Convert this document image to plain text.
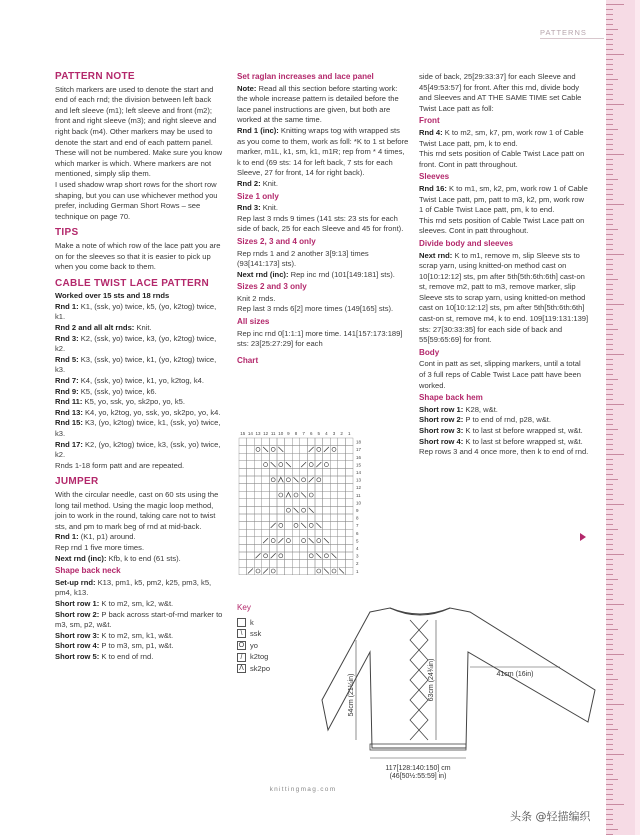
PATTERNS
PATTERN NOTE

Stitch markers are used to denote the start and end of each rnd; the division between left back and left sleeve (m1); left sleeve and front (m2); front and right sleeve (m3); and right sleeve and right back (m4). Other markers may be used to denote the start and end of each pattern panel. These will not be numbered. Make sure you know which marker is which. Where markers are not mentioned, simply slip them.

I used shadow wrap short rows for the short row shaping, but you can use whichever method you prefer, including German Short Rows – see technique on page 70.

TIPS

Make a note of which row of the lace patt you are on for the sleeves so that it is easier to pick up when you come back to them.

CABLE TWIST LACE PATTERN

Worked over 15 sts and 18 rnds

Rnd 1: K1, (ssk, yo) twice, k5, (yo, k2tog) twice, k1.

Rnd 2 and all alt rnds: Knit.

Rnd 3: K2, (ssk, yo) twice, k3, (yo, k2tog) twice, k2.

Rnd 5: K3, (ssk, yo) twice, k1, (yo, k2tog) twice, k3.

Rnd 7: K4, (ssk, yo) twice, k1, yo, k2tog, k4.

Rnd 9: K5, (ssk, yo) twice, k6.

Rnd 11: K5, yo, ssk, yo, sk2po, yo, k5.

Rnd 13: K4, yo, k2tog, yo, ssk, yo, sk2po, yo, k4.

Rnd 15: K3, (yo, k2tog) twice, k1, (ssk, yo) twice, k3.

Rnd 17: K2, (yo, k2tog) twice, k3, (ssk, yo) twice, k2.

Rnds 1-18 form patt and are repeated.

JUMPER

With the circular needle, cast on 60 sts using the long tail method. Using the magic loop method, join to work in the round, taking care not to twist sts, and pm to mark beg of rnd at mid-back.

Rnd 1: (K1, p1) around.

Rep rnd 1 five more times.

Next rnd (inc): Kfb, k to end (61 sts).

Shape back neck

Set-up rnd: K13, pm1, k5, pm2, k25, pm3, k5, pm4, k13.

Short row 1: K to m2, sm, k2, w&t.

Short row 2: P back across start-of-rnd marker to m3, sm, p2, w&t.

Short row 3: K to m2, sm, k1, w&t.

Short row 4: P to m3, sm, p1, w&t.

Short row 5: K to end of rnd.

Set raglan increases and lace panel

Note: Read all this section before starting work: the whole increase pattern is detailed before the lace panel instructions are given, but both are worked at the same time.

Rnd 1 (inc): Knitting wraps tog with wrapped sts as you come to them, work as foll: *K to 1 st before marker, m1L, k1, sm, k1, m1R; rep from * 4 times, k to end (69 sts: 14 for left back, 7 sts for each Sleeve, 27 for front, 14 for right back).

Rnd 2: Knit.

Size 1 only

Rnd 3: Knit.

Rep last 3 rnds 9 times (141 sts: 23 sts for each side of back, 25 for each Sleeve and 45 for front).

Sizes 2, 3 and 4 only

Rep rnds 1 and 2 another 3[9:13] times (93[141:173] sts).

Next rnd (inc): Rep inc rnd (101[149:181] sts).

Sizes 2 and 3 only

Knit 2 rnds.

Rep last 3 rnds 6[2] more times (149[165] sts).

All sizes

Rep inc rnd 0[1:1:1] more time. 141[157:173:189] sts: 23[25:27:29] for each

Chart
15 14 13 12 11 10 9 8 7 6 5 4 3 2 1
18
17
16
15
14
13
12
11
10
9
8
7
6
5
4
3
2
1
Key
k
\	ssk
O yo
/	k2tog
Λ sk2po
54cm (21¼in)	63cm (24¾in)	41cm (16in)
117[128:140:150] cm
(46[50½:55:59] in)

side of back, 25[29:33:37] for each Sleeve and 45[49:53:57] for front. After this rnd, divide body and Sleeves and AT THE SAME TIME set Cable Twist Lace patt as foll:

Front

Rnd 4: K to m2, sm, k7, pm, work row 1 of Cable Twist Lace patt, pm, k to end.

This rnd sets position of Cable Twist Lace patt on front. Cont in patt throughout.

Sleeves

Rnd 16: K to m1, sm, k2, pm, work row 1 of Cable Twist Lace patt, pm, patt to m3, k2, pm, work row 1 of Cable Twist Lace patt, pm, k to end.

This rnd sets position of Cable Twist Lace patt on sleeves. Cont in patt throughout.

Divide body and sleeves

Next rnd: K to m1, remove m, slip Sleeve sts to scrap yarn, using knitted-on method cast on 10[10:12:12] sts, pm after 5th[5th:6th:6th] cast-on st, remove m2, patt to m3, remove marker, slip Sleeve sts to scrap yarn, using knitted-on method cast on 10[10:12:12] sts, pm after 5th[5th:6th:6th] cast-on st, remove m4, k to end. 109[119:131:139] sts: 27[30:33:35] for each side of back and 55[59:65:69] for front.

Body

Cont in patt as set, slipping markers, until a total of 3 full reps of Cable Twist Lace patt have been worked.

Shape back hem

Short row 1: K28, w&t.

Short row 2: P to end of rnd, p28, w&t.

Short row 3: K to last st before wrapped st, w&t.

Short row 4: K to last st before wrapped st, w&t.

Rep rows 3 and 4 once more, then k to end of rnd.

knittingmag.com
头条 @轻描编织
